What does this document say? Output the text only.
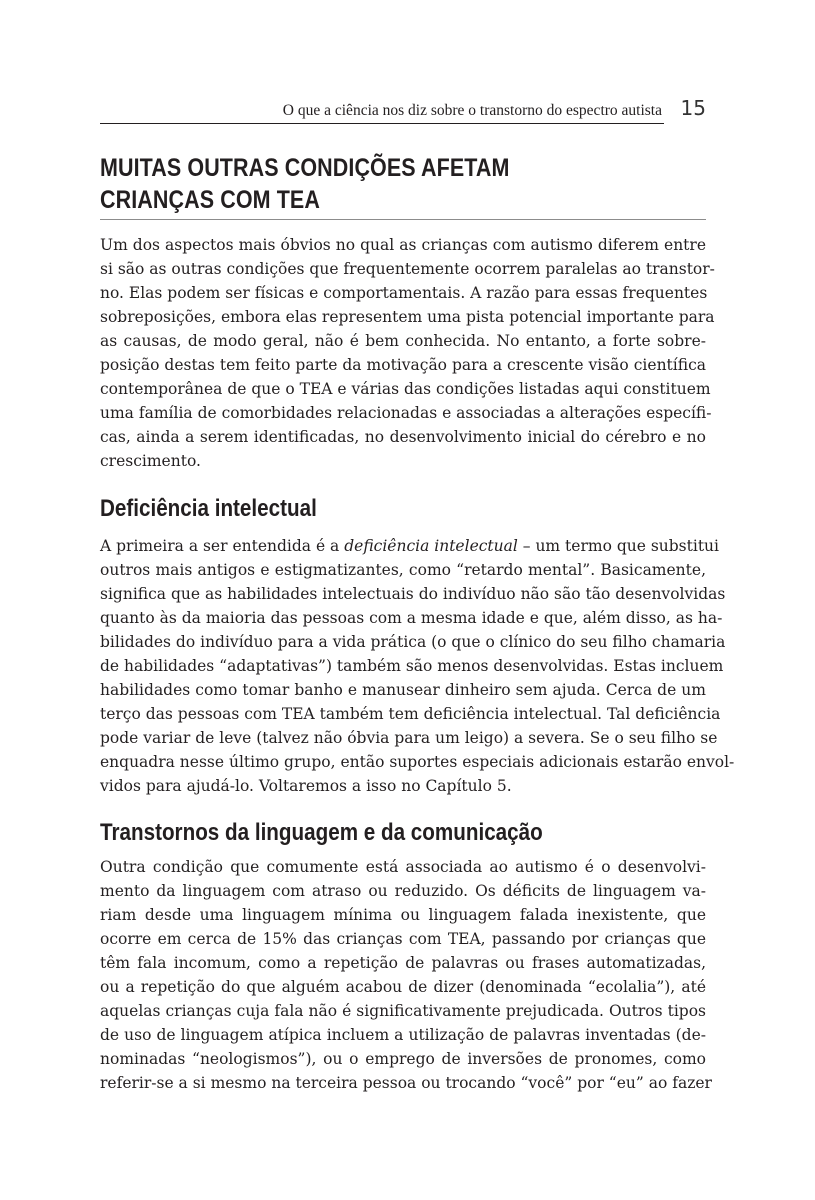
O que a ciência nos diz sobre o transtorno do espectro autista 15
MUITAS OUTRAS CONDIÇÕES AFETAM
CRIANÇAS COM TEA
Um dos aspectos mais óbvios no qual as crianças com autismo diferem entre
si são as outras condições que frequentemente ocorrem paralelas ao transtor-
no. Elas podem ser físicas e comportamentais. A razão para essas frequentes
sobreposições, embora elas representem uma pista potencial importante para
as causas, de modo geral, não é bem conhecida. No entanto, a forte sobre-
posição destas tem feito parte da motivação para a crescente visão científica
contemporânea de que o TEA e várias das condições listadas aqui constituem
uma família de comorbidades relacionadas e associadas a alterações específi-
cas, ainda a serem identificadas, no desenvolvimento inicial do cérebro e no
crescimento.
Deficiência intelectual
A primeira a ser entendida é a deficiência intelectual – um termo que substitui
outros mais antigos e estigmatizantes, como “retardo mental”. Basicamente,
significa que as habilidades intelectuais do indivíduo não são tão desenvolvidas
quanto às da maioria das pessoas com a mesma idade e que, além disso, as ha-
bilidades do indivíduo para a vida prática (o que o clínico do seu filho chamaria
de habilidades “adaptativas”) também são menos desenvolvidas. Estas incluem
habilidades como tomar banho e manusear dinheiro sem ajuda. Cerca de um
terço das pessoas com TEA também tem deficiência intelectual. Tal deficiência
pode variar de leve (talvez não óbvia para um leigo) a severa. Se o seu filho se
enquadra nesse último grupo, então suportes especiais adicionais estarão envol-
vidos para ajudá-lo. Voltaremos a isso no Capítulo 5.
Transtornos da linguagem e da comunicação
Outra condição que comumente está associada ao autismo é o desenvolvi-
mento da linguagem com atraso ou reduzido. Os déficits de linguagem va-
riam desde uma linguagem mínima ou linguagem falada inexistente, que
ocorre em cerca de 15% das crianças com TEA, passando por crianças que
têm fala incomum, como a repetição de palavras ou frases automatizadas,
ou a repetição do que alguém acabou de dizer (denominada “ecolalia”), até
aquelas crianças cuja fala não é significativamente prejudicada. Outros tipos
de uso de linguagem atípica incluem a utilização de palavras inventadas (de-
nominadas “neologismos”), ou o emprego de inversões de pronomes, como
referir-se a si mesmo na terceira pessoa ou trocando “você” por “eu” ao fazer
